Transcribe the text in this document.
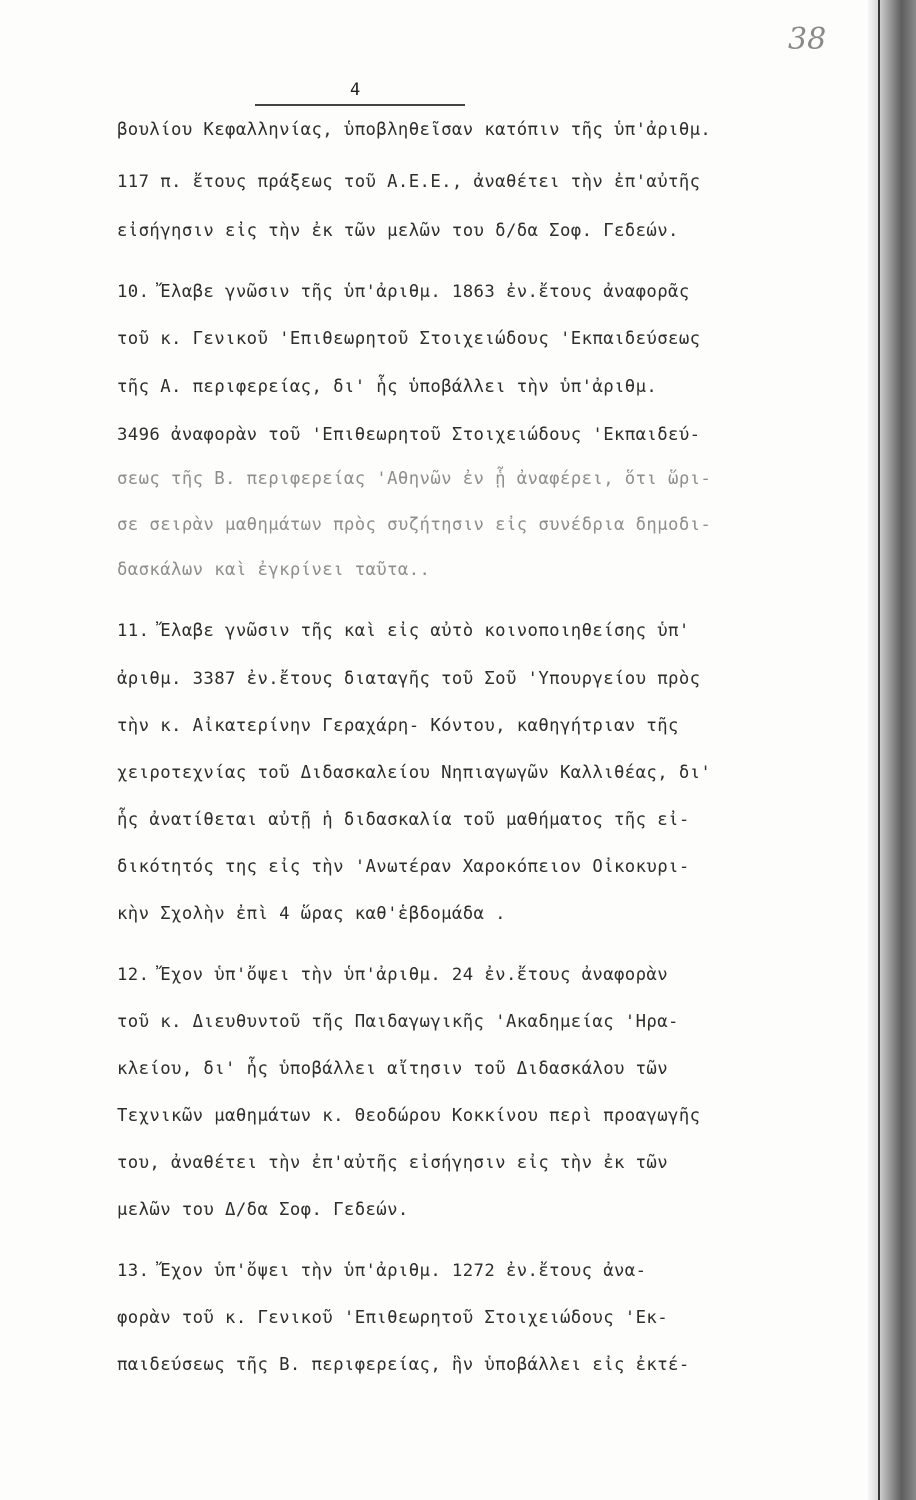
38
4
βουλίου Κεφαλληνίας, ὑποβληθεῖσαν κατόπιν τῆς ὑπ'ἀριθμ.
117 π. ἔτους πράξεως τοῦ Α.Ε.Ε., ἀναθέτει τὴν ἐπ'αὐτῆς
εἰσήγησιν εἰς τὴν ἐκ τῶν μελῶν του δ/δα Σοφ. Γεδεών.
10. Ἔλαβε γνῶσιν τῆς ὑπ'ἀριθμ. 1863 ἐν.ἔτους ἀναφορᾶς
τοῦ κ. Γενικοῦ 'Επιθεωρητοῦ Στοιχειώδους 'Εκπαιδεύσεως
τῆς Α. περιφερείας, δι' ἧς ὑποβάλλει τὴν ὑπ'ἀριθμ.
3496 ἀναφορὰν τοῦ 'Επιθεωρητοῦ Στοιχειώδους 'Εκπαιδεύ-
σεως τῆς Β. περιφερείας 'Αθηνῶν ἐν ᾗ ἀναφέρει, ὅτι ὥρι-
σε σειρὰν μαθημάτων πρὸς συζήτησιν εἰς συνέδρια δημοδι-
δασκάλων καὶ ἐγκρίνει ταῦτα..
11. Ἔλαβε γνῶσιν τῆς καὶ εἰς αὐτὸ κοινοποιηθείσης ὑπ'
ἀριθμ. 3387 ἐν.ἔτους διαταγῆς τοῦ Σοῦ 'Υπουργείου πρὸς
τὴν κ. Αἰκατερίνην Γεραχάρη- Κόντου, καθηγήτριαν τῆς
χειροτεχνίας τοῦ Διδασκαλείου Νηπιαγωγῶν Καλλιθέας, δι'
ἧς ἀνατίθεται αὐτῇ ἡ διδασκαλία τοῦ μαθήματος τῆς εἰ-
δικότητός της εἰς τὴν 'Ανωτέραν Χαροκόπειον Οἰκοκυρι-
κὴν Σχολὴν ἐπὶ 4 ὥρας καθ'ἑβδομάδα .
12. Ἔχον ὑπ'ὄψει τὴν ὑπ'ἀριθμ. 24 ἐν.ἔτους ἀναφορὰν
τοῦ κ. Διευθυντοῦ τῆς Παιδαγωγικῆς 'Ακαδημείας 'Ηρα-
κλείου, δι' ἧς ὑποβάλλει αἴτησιν τοῦ Διδασκάλου τῶν
Τεχνικῶν μαθημάτων κ. Θεοδώρου Κοκκίνου περὶ προαγωγῆς
του, ἀναθέτει τὴν ἐπ'αὐτῆς εἰσήγησιν εἰς τὴν ἐκ τῶν
μελῶν του Δ/δα Σοφ. Γεδεών.
13. Ἔχον ὑπ'ὄψει τὴν ὑπ'ἀριθμ. 1272 ἐν.ἔτους ἀνα-
φορὰν τοῦ κ. Γενικοῦ 'Επιθεωρητοῦ Στοιχειώδους 'Εκ-
παιδεύσεως τῆς Β. περιφερείας, ἣν ὑποβάλλει εἰς ἐκτέ-
